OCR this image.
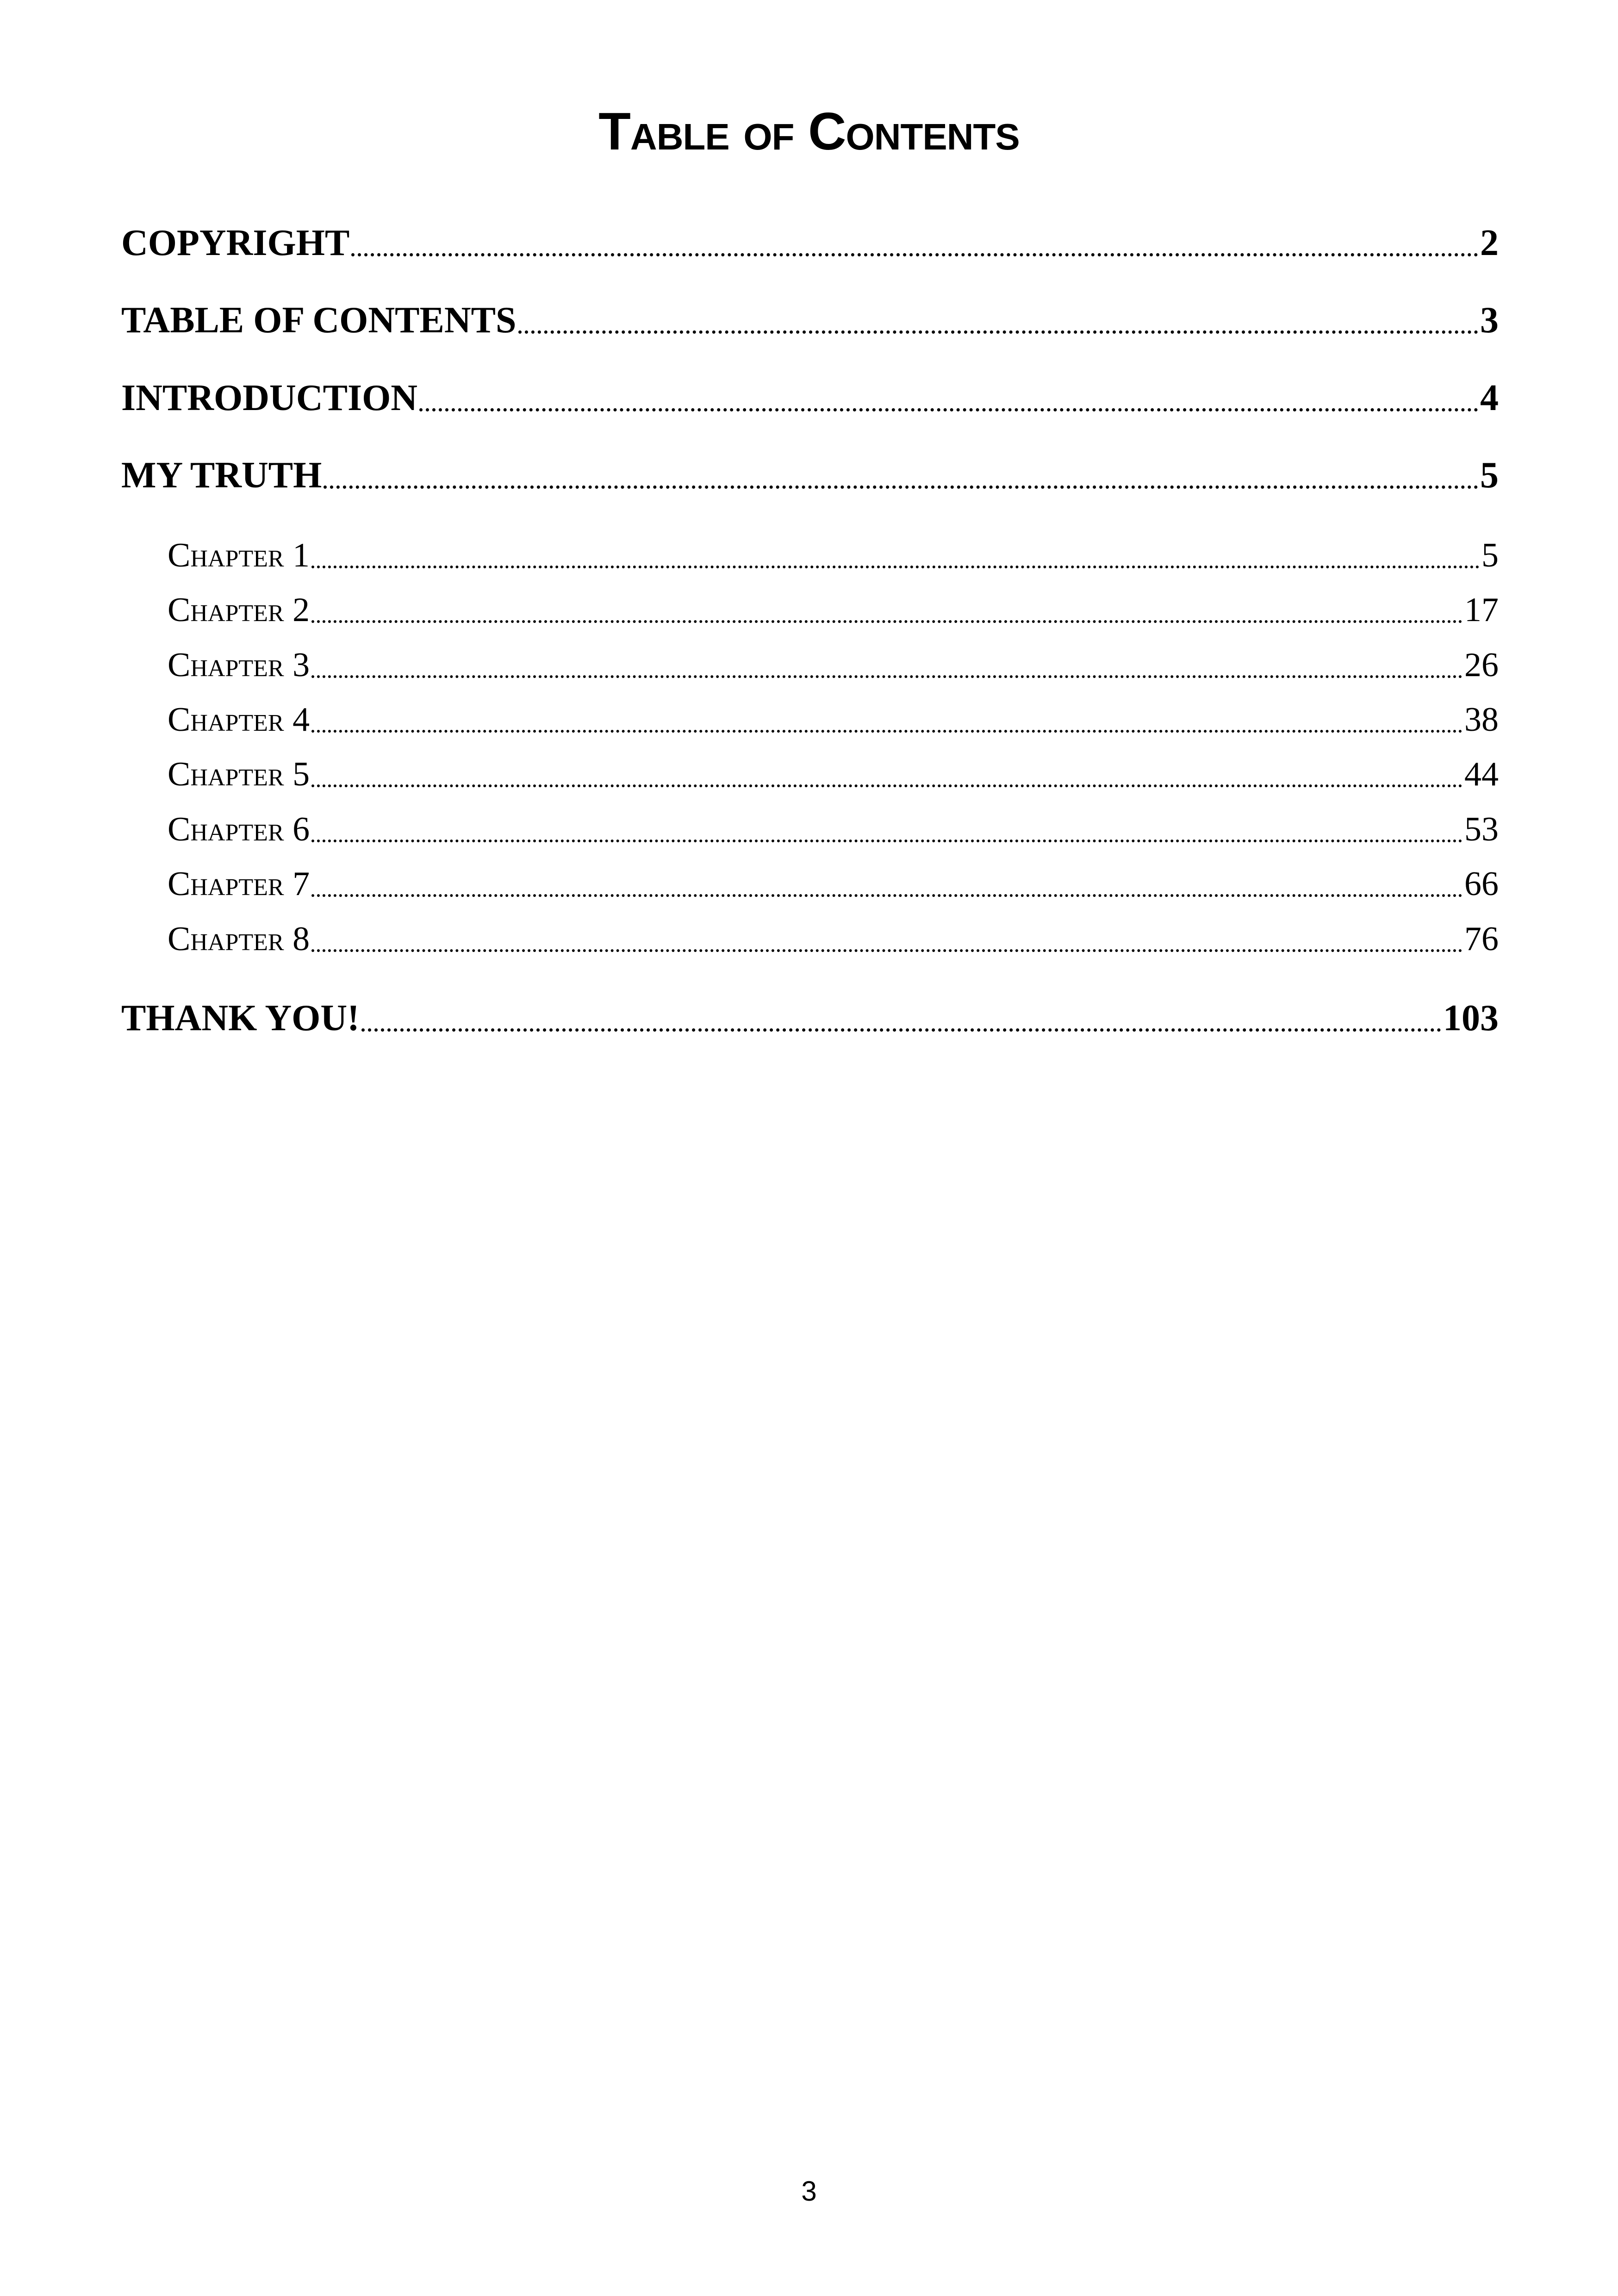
Table of Contents
COPYRIGHT	2
TABLE OF CONTENTS	3
INTRODUCTION	4
MY TRUTH	5
Chapter 1	5
Chapter 2	17
Chapter 3	26
Chapter 4	38
Chapter 5	44
Chapter 6	53
Chapter 7	66
Chapter 8	76
THANK YOU!	103
3
